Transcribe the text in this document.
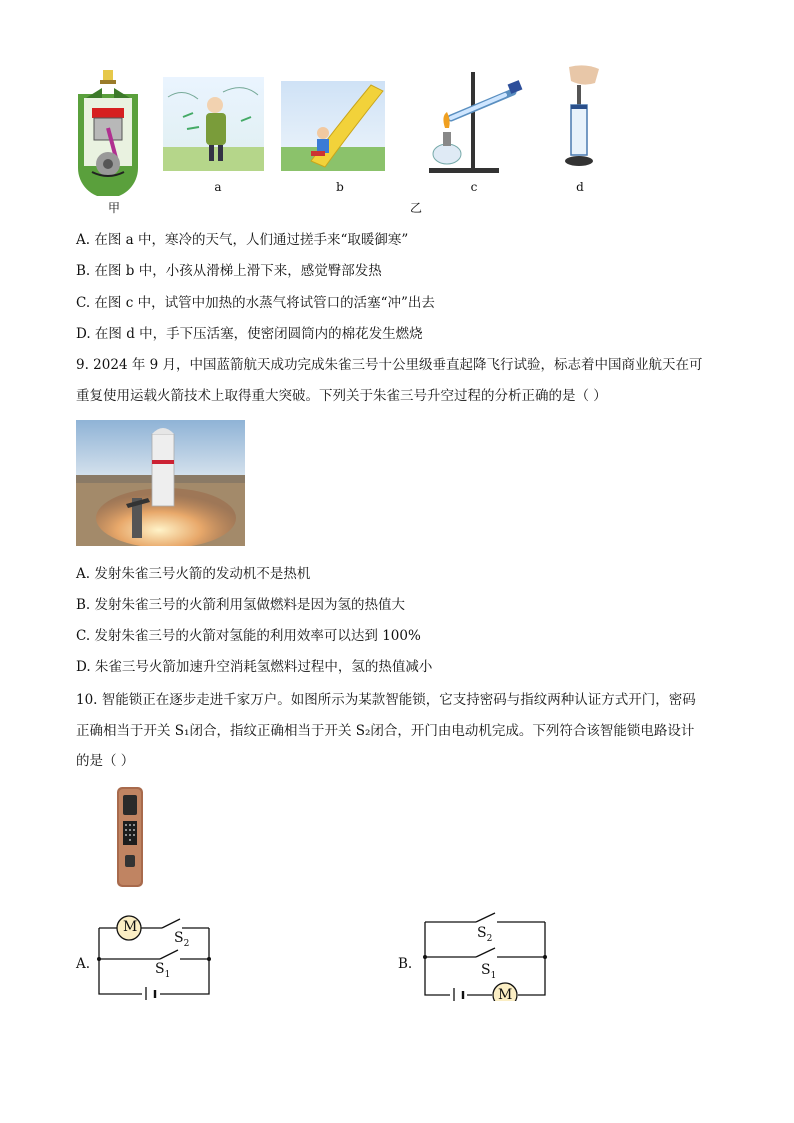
a	b	c	d
甲	乙
A. 在图 a 中，寒冷的天气，人们通过搓手来“取暖御寒”
B. 在图 b 中，小孩从滑梯上滑下来，感觉臀部发热
C. 在图 c 中，试管中加热的水蒸气将试管口的活塞“冲”出去
D. 在图 d 中，手下压活塞，使密闭圆筒内的棉花发生燃烧
9. 2024 年 9 月，中国蓝箭航天成功完成朱雀三号十公里级垂直起降飞行试验，标志着中国商业航天在可
重复使用运载火箭技术上取得重大突破。下列关于朱雀三号升空过程的分析正确的是（ ）
A. 发射朱雀三号火箭的发动机不是热机
B. 发射朱雀三号的火箭利用氢做燃料是因为氢的热值大
C. 发射朱雀三号的火箭对氢能的利用效率可以达到 100%
D. 朱雀三号火箭加速升空消耗氢燃料过程中，氢的热值减小
10. 智能锁正在逐步走进千家万户。如图所示为某款智能锁，它支持密码与指纹两种认证方式开门，密码
正确相当于开关 S₁闭合，指纹正确相当于开关 S₂闭合，开门由电动机完成。下列符合该智能锁电路设计
的是（ ）
A.
M
$S_2$
$S_1$
B.
M
$S_2$
$S_1$
